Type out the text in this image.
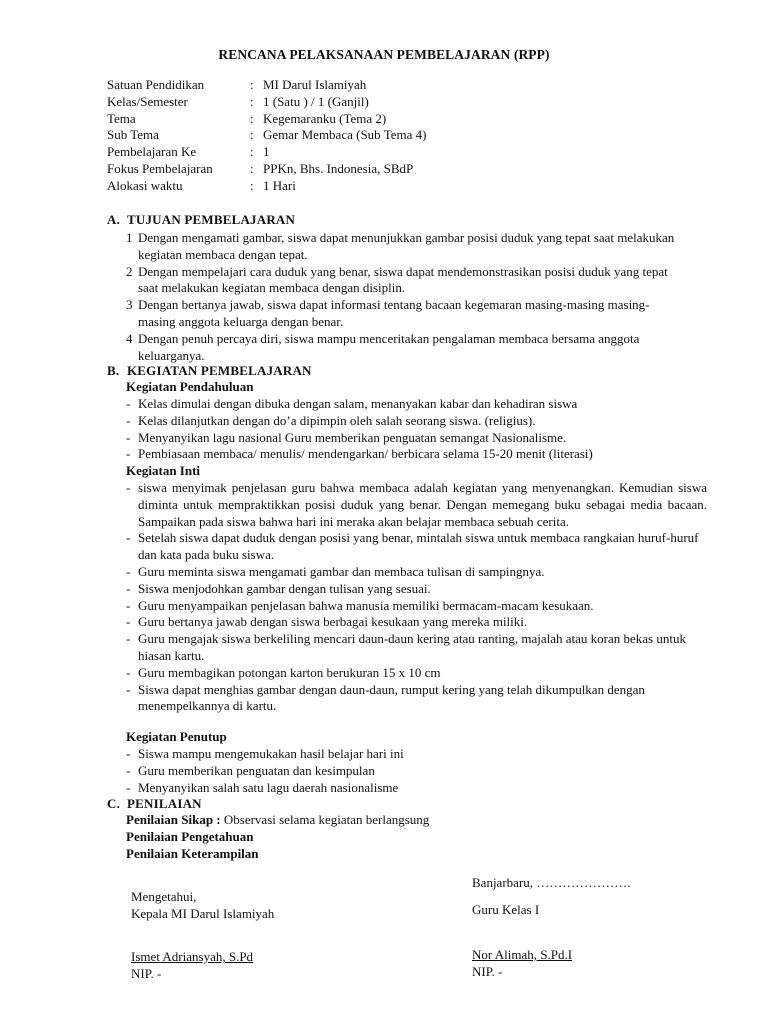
RENCANA PELAKSANAAN PEMBELAJARAN (RPP)
Satuan Pendidikan	: MI Darul Islamiyah
Kelas/Semester	: 1 (Satu ) / 1 (Ganjil)
Tema	: Kegemaranku (Tema 2)
Sub Tema	: Gemar Membaca (Sub Tema 4)
Pembelajaran Ke	: 1
Fokus Pembelajaran	: PPKn, Bhs. Indonesia, SBdP
Alokasi waktu	: 1 Hari
A. TUJUAN PEMBELAJARAN
1 Dengan mengamati gambar, siswa dapat menunjukkan gambar posisi duduk yang tepat saat melakukan kegiatan membaca dengan tepat.
2 Dengan mempelajari cara duduk yang benar, siswa dapat mendemonstrasikan posisi duduk yang tepat saat melakukan kegiatan membaca dengan disiplin.
3 Dengan bertanya jawab, siswa dapat informasi tentang bacaan kegemaran masing-masing masing-masing anggota keluarga dengan benar.
4 Dengan penuh percaya diri, siswa mampu menceritakan pengalaman membaca bersama anggota keluarganya.
B. KEGIATAN PEMBELAJARAN
Kegiatan Pendahuluan
- Kelas dimulai dengan dibuka dengan salam, menanyakan kabar dan kehadiran siswa
- Kelas dilanjutkan dengan do’a dipimpin oleh salah seorang siswa. (religius).
- Menyanyikan lagu nasional Guru memberikan penguatan semangat Nasionalisme.
- Pembiasaan membaca/ menulis/ mendengarkan/ berbicara selama 15-20 menit (literasi)
Kegiatan Inti
- siswa menyimak penjelasan guru bahwa membaca adalah kegiatan yang menyenangkan. Kemudian siswa diminta untuk mempraktikkan posisi duduk yang benar. Dengan memegang buku sebagai media bacaan. Sampaikan pada siswa bahwa hari ini meraka akan belajar membaca sebuah cerita.
- Setelah siswa dapat duduk dengan posisi yang benar, mintalah siswa untuk membaca rangkaian huruf-huruf dan kata pada buku siswa.
- Guru meminta siswa mengamati gambar dan membaca tulisan di sampingnya.
- Siswa menjodohkan gambar dengan tulisan yang sesuai.
- Guru menyampaikan penjelasan bahwa manusia memiliki bermacam-macam kesukaan.
- Guru bertanya jawab dengan siswa berbagai kesukaan yang mereka miliki.
- Guru mengajak siswa berkeliling mencari daun-daun kering atau ranting, majalah atau koran bekas untuk hiasan kartu.
- Guru membagikan potongan karton berukuran 15 x 10 cm
- Siswa dapat menghias gambar dengan daun-daun, rumput kering yang telah dikumpulkan dengan menempelkannya di kartu.
Kegiatan Penutup
- Siswa mampu mengemukakan hasil belajar hari ini
- Guru memberikan penguatan dan kesimpulan
- Menyanyikan salah satu lagu daerah nasionalisme
C. PENILAIAN
Penilaian Sikap : Observasi selama kegiatan berlangsung
Penilaian Pengetahuan
Penilaian Keterampilan
Banjarbaru, ………………….
Mengetahui,
Kepala MI Darul Islamiyah	Guru Kelas I
Ismet Adriansyah, S.Pd
NIP. -
Nor Alimah, S.Pd.I
NIP. -
